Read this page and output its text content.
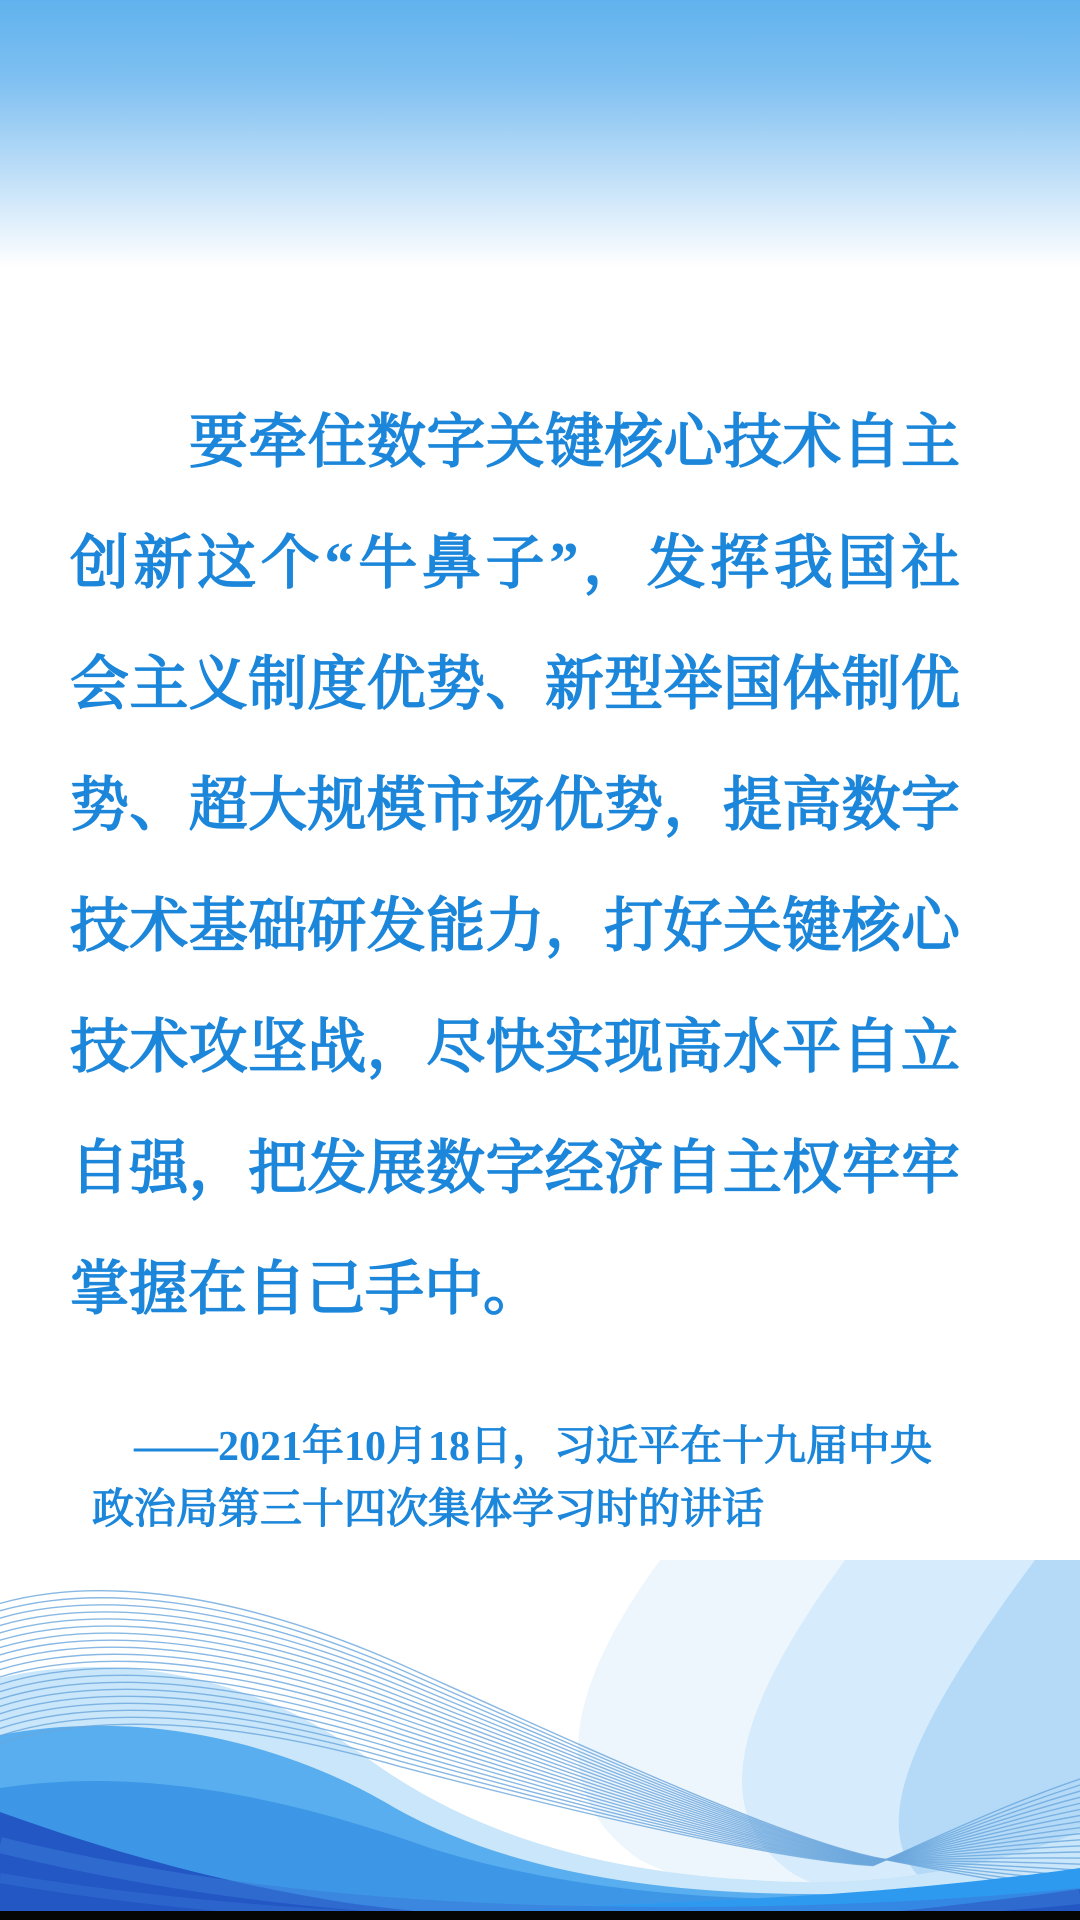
要牵住数字关键核心技术自主

创新这个“牛鼻子”，发挥我国社

会主义制度优势、新型举国体制优

势、超大规模市场优势，提高数字

技术基础研发能力，打好关键核心

技术攻坚战，尽快实现高水平自立

自强，把发展数字经济自主权牢牢

掌握在自己手中。

——2021年10月18日，习近平在十九届中央

政治局第三十四次集体学习时的讲话
